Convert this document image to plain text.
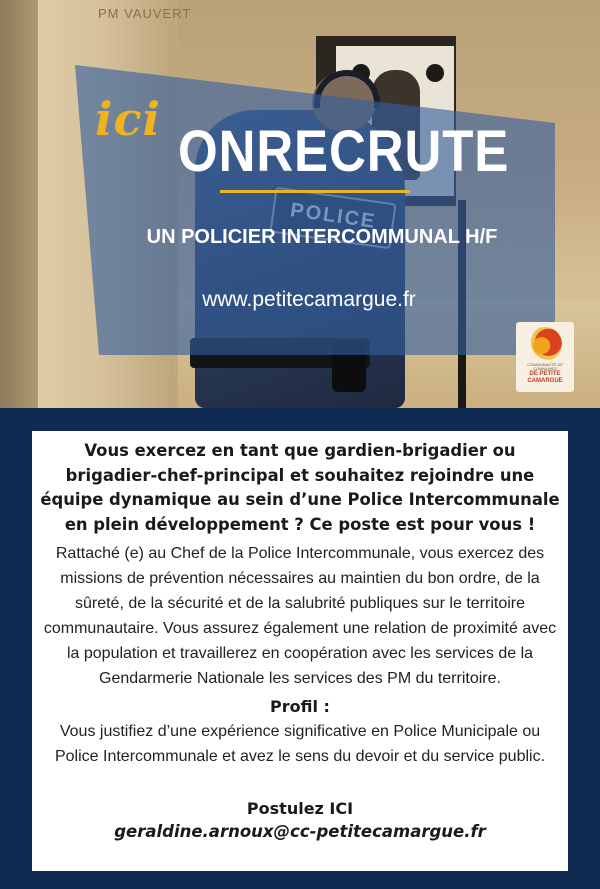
PM VAUVERT
ici ONRECRUTE
UN POLICIER INTERCOMMUNAL H/F
www.petitecamargue.fr
COMMUNAUTÉ DE COMMUNES
DE PETITE
CAMARGUE

Vous exercez en tant que gardien-brigadier ou brigadier-chef-principal et souhaitez rejoindre une équipe dynamique au sein d’une Police Intercommunale en plein développement ? Ce poste est pour vous !

Rattaché (e) au Chef de la Police Intercommunale, vous exercez des missions de prévention nécessaires au maintien du bon ordre, de la sûreté, de la sécurité et de la salubrité publiques sur le territoire communautaire. Vous assurez également une relation de proximité avec la population et travaillerez en coopération avec les services de la Gendarmerie Nationale les services des PM du territoire.

Profil :

Vous justifiez d’une expérience significative en Police Municipale ou Police Intercommunale et avez le sens du devoir et du service public.

Postulez ICI

geraldine.arnoux@cc-petitecamargue.fr
